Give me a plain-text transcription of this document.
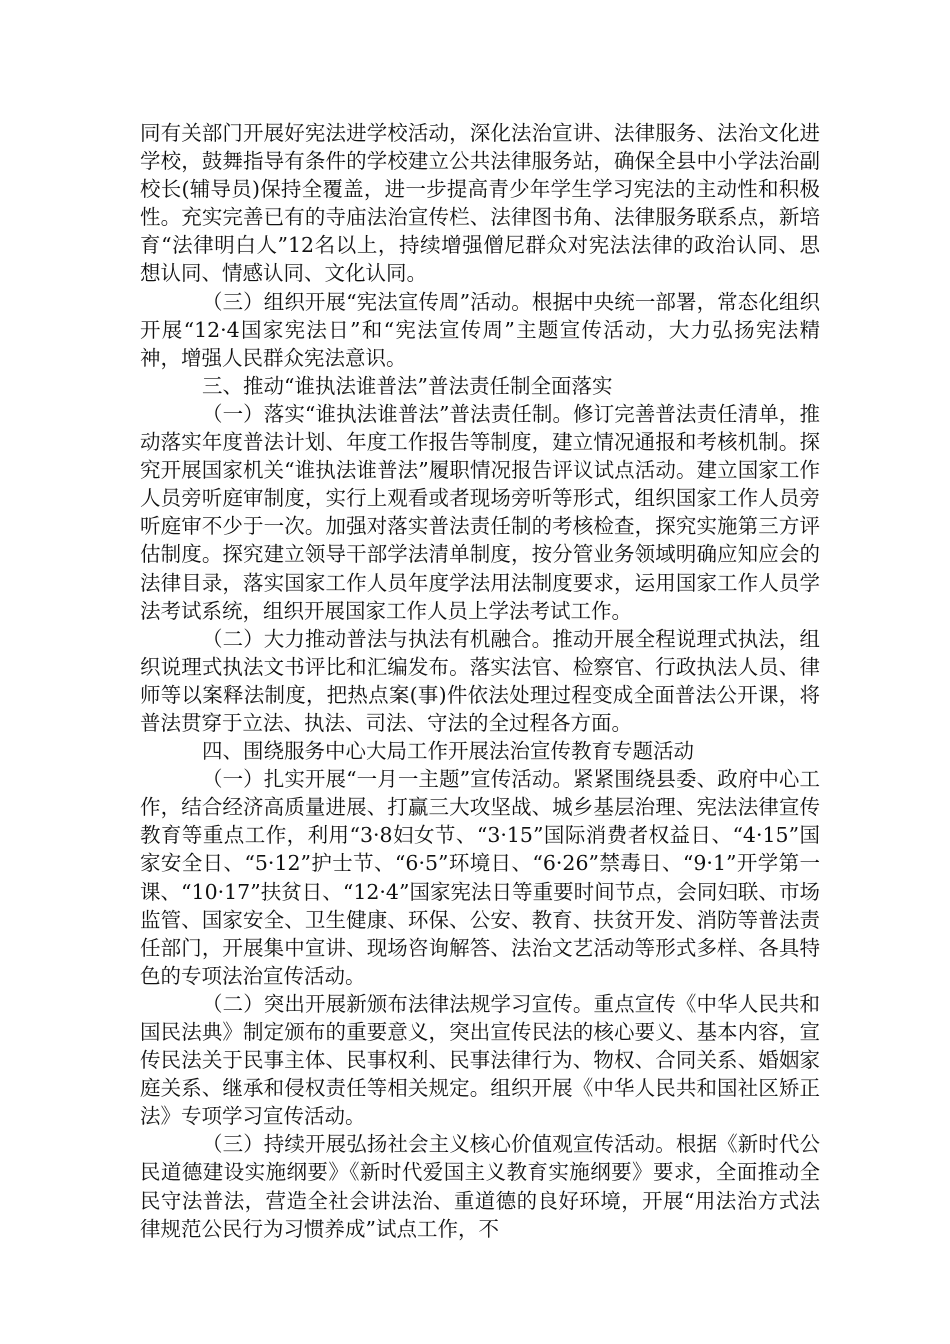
同有关部门开展好宪法进学校活动，深化法治宣讲、法律服务、法治文化进学校，鼓舞指导有条件的学校建立公共法律服务站，确保全县中小学法治副校长(辅导员)保持全覆盖，进一步提高青少年学生学习宪法的主动性和积极性。充实完善已有的寺庙法治宣传栏、法律图书角、法律服务联系点，新培育“法律明白人”12名以上，持续增强僧尼群众对宪法法律的政治认同、思想认同、情感认同、文化认同。

（三）组织开展“宪法宣传周”活动。根据中央统一部署，常态化组织开展“12·4国家宪法日”和“宪法宣传周”主题宣传活动，大力弘扬宪法精神，增强人民群众宪法意识。

三、推动“谁执法谁普法”普法责任制全面落实

（一）落实“谁执法谁普法”普法责任制。修订完善普法责任清单，推动落实年度普法计划、年度工作报告等制度，建立情况通报和考核机制。探究开展国家机关“谁执法谁普法”履职情况报告评议试点活动。建立国家工作人员旁听庭审制度，实行上观看或者现场旁听等形式，组织国家工作人员旁听庭审不少于一次。加强对落实普法责任制的考核检查，探究实施第三方评估制度。探究建立领导干部学法清单制度，按分管业务领域明确应知应会的法律目录，落实国家工作人员年度学法用法制度要求，运用国家工作人员学法考试系统，组织开展国家工作人员上学法考试工作。

（二）大力推动普法与执法有机融合。推动开展全程说理式执法，组织说理式执法文书评比和汇编发布。落实法官、检察官、行政执法人员、律师等以案释法制度，把热点案(事)件依法处理过程变成全面普法公开课，将普法贯穿于立法、执法、司法、守法的全过程各方面。

四、围绕服务中心大局工作开展法治宣传教育专题活动

（一）扎实开展“一月一主题”宣传活动。紧紧围绕县委、政府中心工作，结合经济高质量进展、打赢三大攻坚战、城乡基层治理、宪法法律宣传教育等重点工作，利用“3·8妇女节、“3·15”国际消费者权益日、“4·15”国家安全日、“5·12”护士节、“6·5”环境日、“6·26”禁毒日、“9·1”开学第一课、“10·17”扶贫日、“12·4”国家宪法日等重要时间节点，会同妇联、市场监管、国家安全、卫生健康、环保、公安、教育、扶贫开发、消防等普法责任部门，开展集中宣讲、现场咨询解答、法治文艺活动等形式多样、各具特色的专项法治宣传活动。

（二）突出开展新颁布法律法规学习宣传。重点宣传《中华人民共和国民法典》制定颁布的重要意义，突出宣传民法的核心要义、基本内容，宣传民法关于民事主体、民事权利、民事法律行为、物权、合同关系、婚姻家庭关系、继承和侵权责任等相关规定。组织开展《中华人民共和国社区矫正法》专项学习宣传活动。

（三）持续开展弘扬社会主义核心价值观宣传活动。根据《新时代公民道德建设实施纲要》《新时代爱国主义教育实施纲要》要求，全面推动全民守法普法，营造全社会讲法治、重道德的良好环境，开展“用法治方式法律规范公民行为习惯养成”试点工作，不
